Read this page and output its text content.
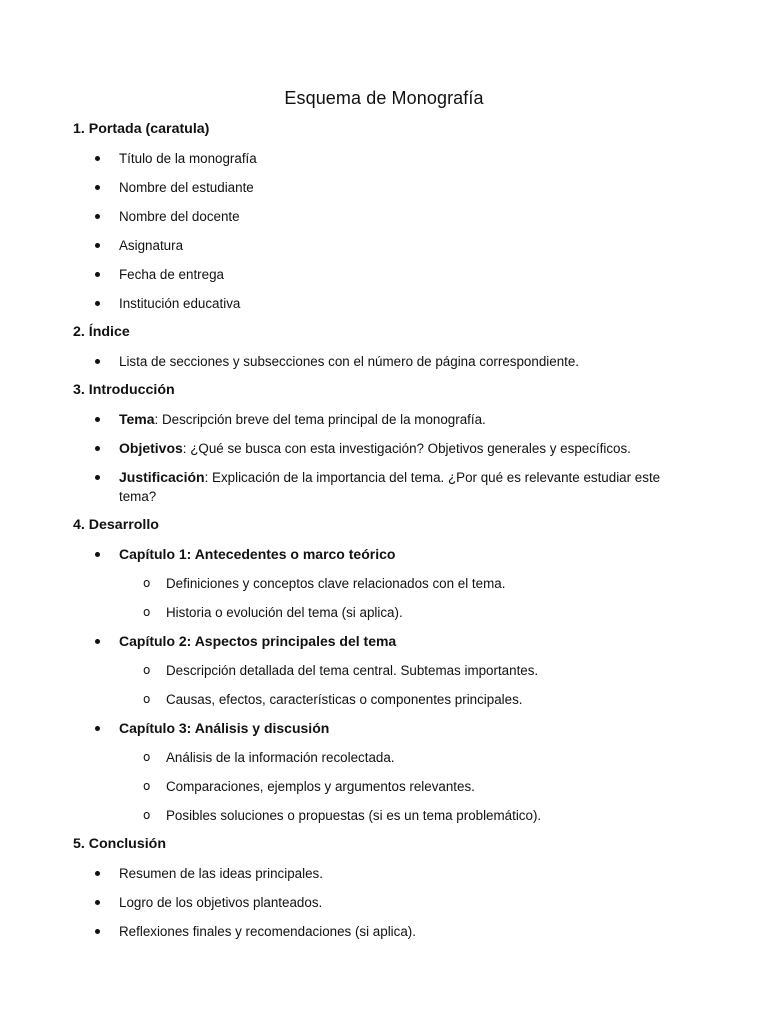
Esquema de Monografía
1. Portada (caratula)
Título de la monografía
Nombre del estudiante
Nombre del docente
Asignatura
Fecha de entrega
Institución educativa
2. Índice
Lista de secciones y subsecciones con el número de página correspondiente.
3. Introducción
Tema: Descripción breve del tema principal de la monografía.
Objetivos: ¿Qué se busca con esta investigación? Objetivos generales y específicos.
Justificación: Explicación de la importancia del tema. ¿Por qué es relevante estudiar este tema?
4. Desarrollo
Capítulo 1: Antecedentes o marco teórico
o Definiciones y conceptos clave relacionados con el tema.
o Historia o evolución del tema (si aplica).
Capítulo 2: Aspectos principales del tema
o Descripción detallada del tema central. Subtemas importantes.
o Causas, efectos, características o componentes principales.
Capítulo 3: Análisis y discusión
o Análisis de la información recolectada.
o Comparaciones, ejemplos y argumentos relevantes.
o Posibles soluciones o propuestas (si es un tema problemático).
5. Conclusión
Resumen de las ideas principales.
Logro de los objetivos planteados.
Reflexiones finales y recomendaciones (si aplica).
